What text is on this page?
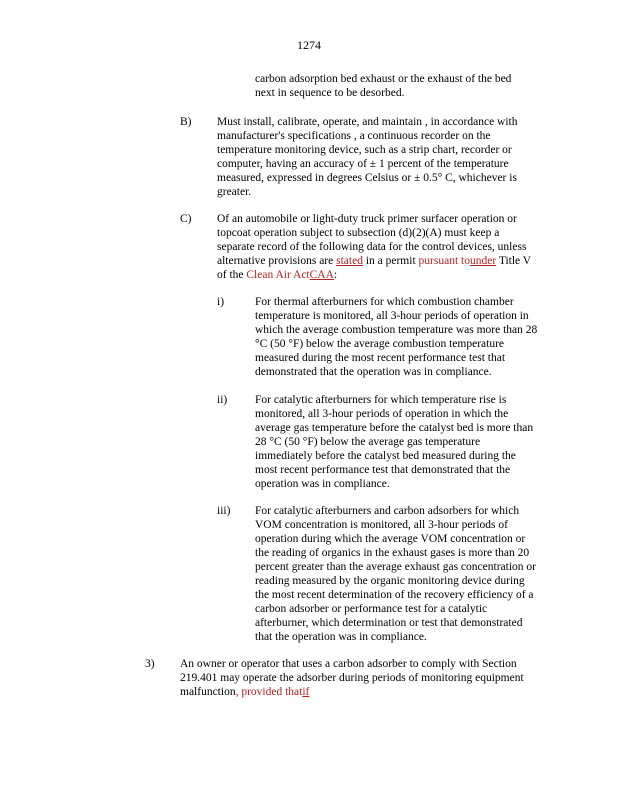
1274

carbon adsorption bed exhaust or the exhaust of the bed next in sequence to be desorbed.

B) Must install, calibrate, operate, and maintain , in accordance with manufacturer's specifications , a continuous recorder on the temperature monitoring device, such as a strip chart, recorder or computer, having an accuracy of ± 1 percent of the temperature measured, expressed in degrees Celsius or ± 0.5° C, whichever is greater.

C) Of an automobile or light-duty truck primer surfacer operation or topcoat operation subject to subsection (d)(2)(A) must keep a separate record of the following data for the control devices, unless alternative provisions are stated in a permit pursuant tounder Title V of the Clean Air ActCAA:

i)	For thermal afterburners for which combustion chamber temperature is monitored, all 3-hour periods of operation in which the average combustion temperature was more than 28 °C (50 °F) below the average combustion temperature measured during the most recent performance test that demonstrated that the operation was in compliance.

ii) For catalytic afterburners for which temperature rise is monitored, all 3-hour periods of operation in which the average gas temperature before the catalyst bed is more than 28 °C (50 °F) below the average gas temperature immediately before the catalyst bed measured during the most recent performance test that demonstrated that the operation was in compliance.

iii) For catalytic afterburners and carbon adsorbers for which VOM concentration is monitored, all 3-hour periods of operation during which the average VOM concentration or the reading of organics in the exhaust gases is more than 20 percent greater than the average exhaust gas concentration or reading measured by the organic monitoring device during the most recent determination of the recovery efficiency of a carbon adsorber or performance test for a catalytic afterburner, which determination or test that demonstrated that the operation was in compliance.

3) An owner or operator that uses a carbon adsorber to comply with Section 219.401 may operate the adsorber during periods of monitoring equipment malfunction, provided thatif
